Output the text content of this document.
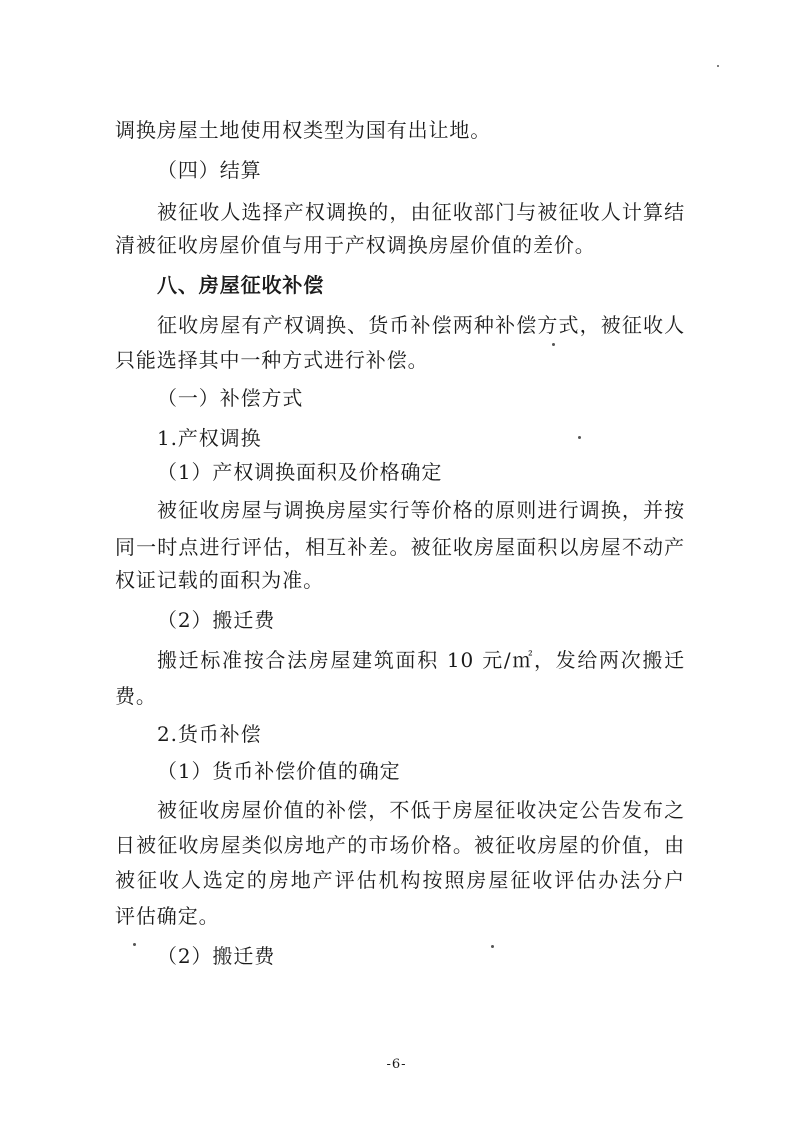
调换房屋土地使用权类型为国有出让地。
（四）结算
被征收人选择产权调换的，由征收部门与被征收人计算结
清被征收房屋价值与用于产权调换房屋价值的差价。
八、房屋征收补偿
征收房屋有产权调换、货币补偿两种补偿方式，被征收人
只能选择其中一种方式进行补偿。
（一）补偿方式
1.产权调换
（1）产权调换面积及价格确定
被征收房屋与调换房屋实行等价格的原则进行调换，并按
同一时点进行评估，相互补差。被征收房屋面积以房屋不动产
权证记载的面积为准。
（2）搬迁费
搬迁标准按合法房屋建筑面积 10 元/㎡，发给两次搬迁
费。
2.货币补偿
（1）货币补偿价值的确定
被征收房屋价值的补偿，不低于房屋征收决定公告发布之
日被征收房屋类似房地产的市场价格。被征收房屋的价值，由
被征收人选定的房地产评估机构按照房屋征收评估办法分户
评估确定。
（2）搬迁费
-6-
